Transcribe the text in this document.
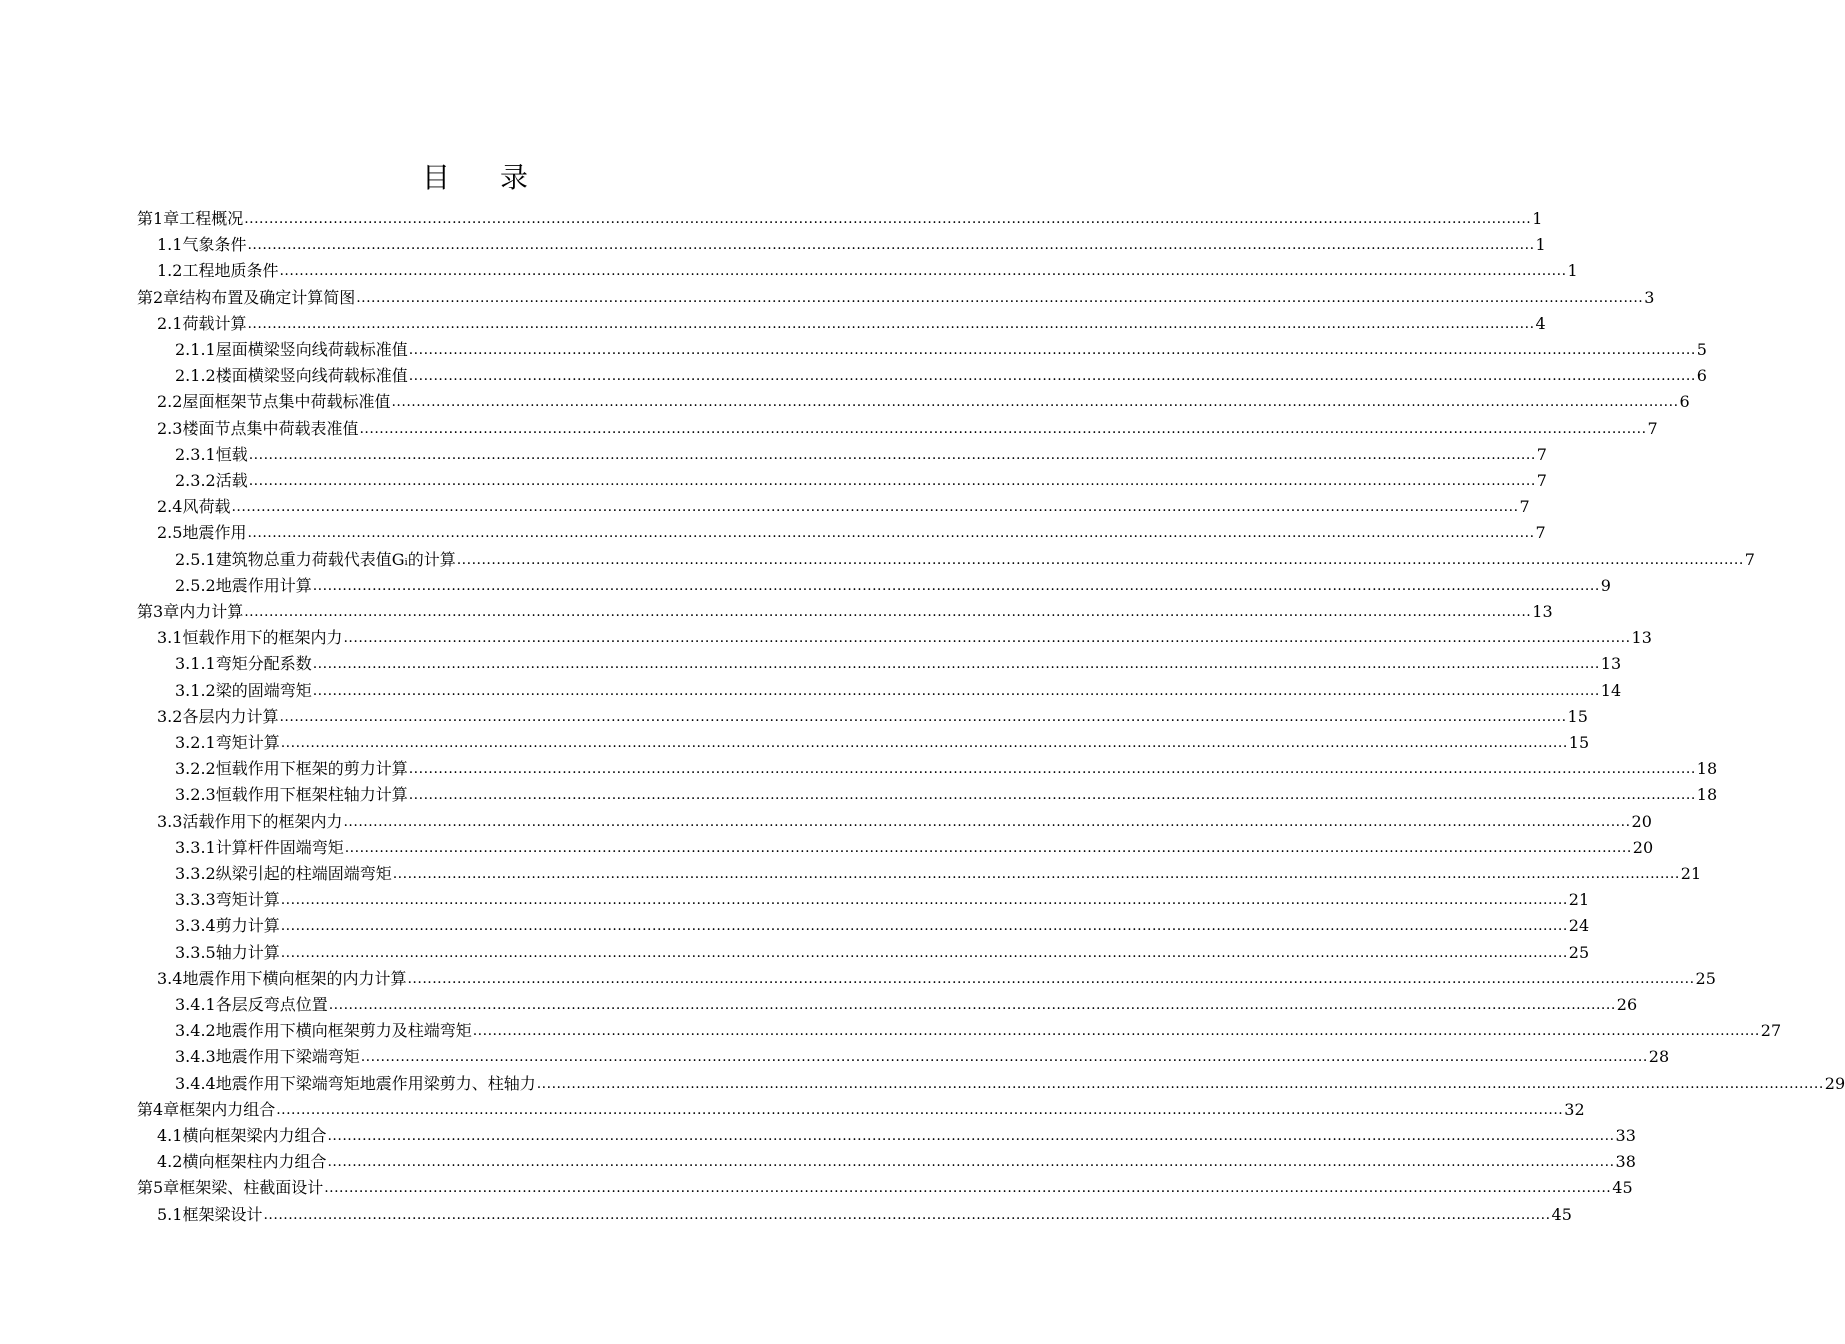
目 录
第1章 工程概况 .................................................................................................................................................................................................................................................................... 1
1.1 气象条件 .................................................................................................................................................................................................................................................................... 1
1.2 工程地质条件 .................................................................................................................................................................................................................................................................... 1
第2章 结构布置及确定计算简图 .................................................................................................................................................................................................................................................................... 3
2.1 荷载计算 .................................................................................................................................................................................................................................................................... 4
2.1.1 屋面横梁竖向线荷载标准值 .................................................................................................................................................................................................................................................................... 5
2.1.2 楼面横梁竖向线荷载标准值 .................................................................................................................................................................................................................................................................... 6
2.2 屋面框架节点集中荷载标准值 .................................................................................................................................................................................................................................................................... 6
2.3 楼面节点集中荷载表准值 .................................................................................................................................................................................................................................................................... 7
2.3.1 恒载 .................................................................................................................................................................................................................................................................... 7
2.3.2 活载 .................................................................................................................................................................................................................................................................... 7
2.4 风荷载 .................................................................................................................................................................................................................................................................... 7
2.5 地震作用 .................................................................................................................................................................................................................................................................... 7
2.5.1 建筑物总重力荷载代表值Gᵢ的计算 .................................................................................................................................................................................................................................................................... 7
2.5.2 地震作用计算 .................................................................................................................................................................................................................................................................... 9
第3章 内力计算 .................................................................................................................................................................................................................................................................... 13
3.1 恒载作用下的框架内力 .................................................................................................................................................................................................................................................................... 13
3.1.1 弯矩分配系数 .................................................................................................................................................................................................................................................................... 13
3.1.2 梁的固端弯矩 .................................................................................................................................................................................................................................................................... 14
3.2 各层内力计算 .................................................................................................................................................................................................................................................................... 15
3.2.1 弯矩计算 .................................................................................................................................................................................................................................................................... 15
3.2.2 恒载作用下框架的剪力计算 .................................................................................................................................................................................................................................................................... 18
3.2.3 恒载作用下框架柱轴力计算 .................................................................................................................................................................................................................................................................... 18
3.3 活载作用下的框架内力 .................................................................................................................................................................................................................................................................... 20
3.3.1 计算杆件固端弯矩 .................................................................................................................................................................................................................................................................... 20
3.3.2 纵梁引起的柱端固端弯矩 .................................................................................................................................................................................................................................................................... 21
3.3.3 弯矩计算 .................................................................................................................................................................................................................................................................... 21
3.3.4 剪力计算 .................................................................................................................................................................................................................................................................... 24
3.3.5 轴力计算 .................................................................................................................................................................................................................................................................... 25
3.4 地震作用下横向框架的内力计算 .................................................................................................................................................................................................................................................................... 25
3.4.1 各层反弯点位置 .................................................................................................................................................................................................................................................................... 26
3.4.2 地震作用下横向框架剪力及柱端弯矩 .................................................................................................................................................................................................................................................................... 27
3.4.3 地震作用下梁端弯矩 .................................................................................................................................................................................................................................................................... 28
3.4.4 地震作用下梁端弯矩地震作用梁剪力、柱轴力 .................................................................................................................................................................................................................................................................... 29
第4章 框架内力组合 .................................................................................................................................................................................................................................................................... 32
4.1 横向框架梁内力组合 .................................................................................................................................................................................................................................................................... 33
4.2 横向框架柱内力组合 .................................................................................................................................................................................................................................................................... 38
第5章 框架梁、柱截面设计 .................................................................................................................................................................................................................................................................... 45
5.1 框架梁设计 .................................................................................................................................................................................................................................................................... 45
